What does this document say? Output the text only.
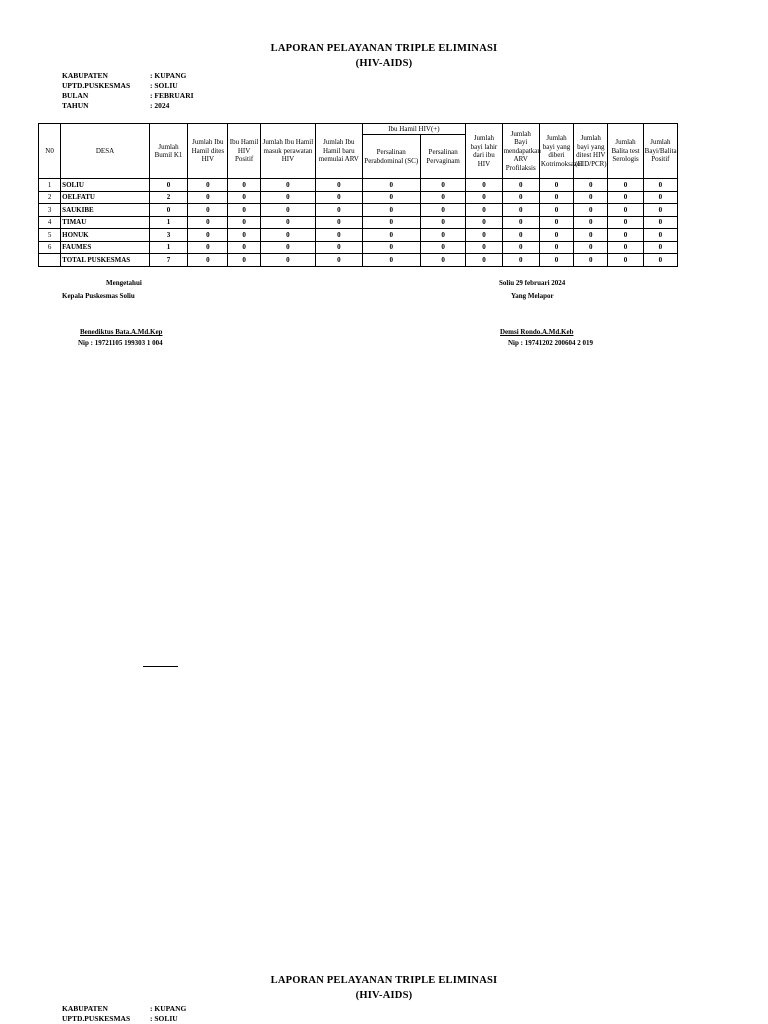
LAPORAN PELAYANAN TRIPLE ELIMINASI
(HIV-AIDS)
KABUPATEN	: KUPANG
UPTD.PUSKESMAS	: SOLIU
BULAN	: FEBRUARI
TAHUN	: 2024
N0	DESA	Jumlah Bumil K1	Jumlah Ibu Hamil dites HIV	Ibu Hamil HIV Positif	Jumlah Ibu Hamil masuk perawatan HIV	Jumlah Ibu Hamil baru memulai ARV	Ibu Hamil HIV(+)		Jumlah bayi lahir dari ibu HIV	Jumlah Bayi mendapatkan ARV Profilaksis	Jumlah bayi yang diberi Kotrimoksazol	Jumlah bayi yang ditest HIV (EID/PCR)	Jumlah Balita test Serologis	Jumlah Bayi/Balita Positif
							Persalinan Perabdominal (SC)	Persalinan Pervaginam						
1	SOLIU	0	0	0	0	0	0	0	0	0	0	0	0	0
2	OELFATU	2	0	0	0	0	0	0	0	0	0	0	0	0
3	SAUKIBE	0	0	0	0	0	0	0	0	0	0	0	0	0
4	TIMAU	1	0	0	0	0	0	0	0	0	0	0	0	0
5	HONUK	3	0	0	0	0	0	0	0	0	0	0	0	0
6	FAUMES	1	0	0	0	0	0	0	0	0	0	0	0	0
	TOTAL PUSKESMAS	7	0	0	0	0	0	0	0	0	0	0	0	0
Mengetahui
Kepala Puskesmas Soliu
Benediktus Bata.A.Md.Kep
Nip : 19721105 199303 1 004
Soliu 29 februari 2024
Yang Melapor
Demsi Rondo.A.Md.Keb
Nip : 19741202 200604 2 019
LAPORAN PELAYANAN TRIPLE ELIMINASI
(HIV-AIDS)
KABUPATEN	: KUPANG
UPTD.PUSKESMAS	: SOLIU
